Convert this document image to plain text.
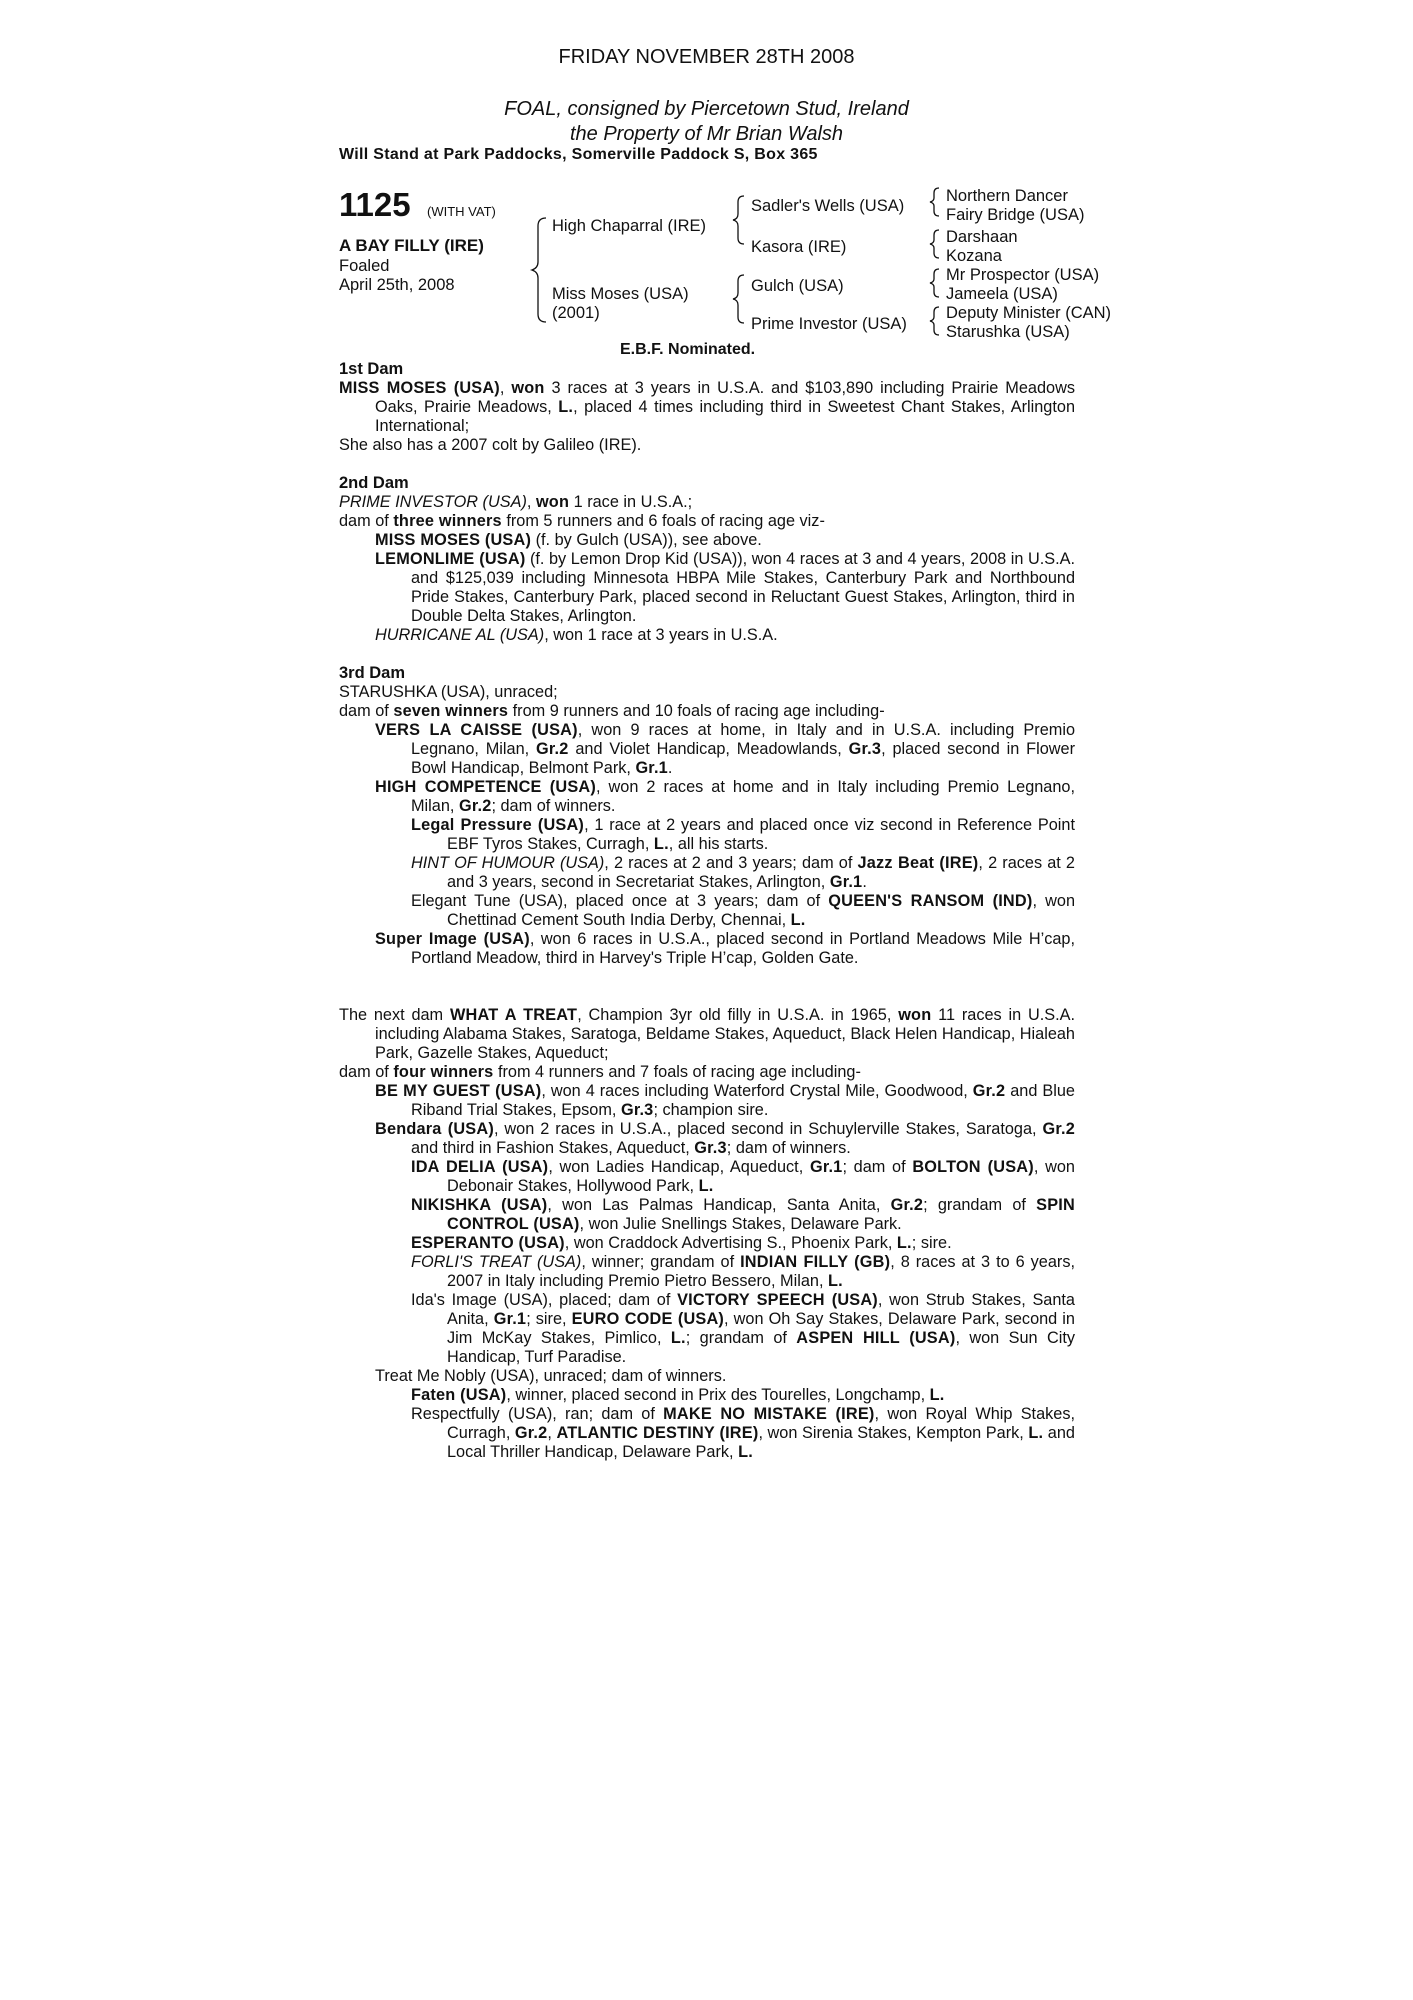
FRIDAY NOVEMBER 28TH 2008
FOAL, consigned by Piercetown Stud, Ireland
the Property of Mr Brian Walsh
Will Stand at Park Paddocks, Somerville Paddock S, Box 365
1125 (WITH VAT)
A BAY FILLY (IRE)
Foaled
April 25th, 2008
High Chaparral (IRE)
Miss Moses (USA)
(2001)
Sadler's Wells (USA)
Kasora (IRE)
Gulch (USA)
Prime Investor (USA)
Northern Dancer
Fairy Bridge (USA)
Darshaan
Kozana
Mr Prospector (USA)
Jameela (USA)
Deputy Minister (CAN)
Starushka (USA)
E.B.F. Nominated.

1st Dam

MISS MOSES (USA), won 3 races at 3 years in U.S.A. and $103,890 including Prairie Meadows Oaks, Prairie Meadows, L., placed 4 times including third in Sweetest Chant Stakes, Arlington International;

She also has a 2007 colt by Galileo (IRE).

2nd Dam

PRIME INVESTOR (USA), won 1 race in U.S.A.;

dam of three winners from 5 runners and 6 foals of racing age viz-

MISS MOSES (USA) (f. by Gulch (USA)), see above.

LEMONLIME (USA) (f. by Lemon Drop Kid (USA)), won 4 races at 3 and 4 years, 2008 in U.S.A. and $125,039 including Minnesota HBPA Mile Stakes, Canterbury Park and Northbound Pride Stakes, Canterbury Park, placed second in Reluctant Guest Stakes, Arlington, third in Double Delta Stakes, Arlington.

HURRICANE AL (USA), won 1 race at 3 years in U.S.A.

3rd Dam

STARUSHKA (USA), unraced;

dam of seven winners from 9 runners and 10 foals of racing age including-

VERS LA CAISSE (USA), won 9 races at home, in Italy and in U.S.A. including Premio Legnano, Milan, Gr.2 and Violet Handicap, Meadowlands, Gr.3, placed second in Flower Bowl Handicap, Belmont Park, Gr.1.

HIGH COMPETENCE (USA), won 2 races at home and in Italy including Premio Legnano, Milan, Gr.2; dam of winners.

Legal Pressure (USA), 1 race at 2 years and placed once viz second in Reference Point EBF Tyros Stakes, Curragh, L., all his starts.

HINT OF HUMOUR (USA), 2 races at 2 and 3 years; dam of Jazz Beat (IRE), 2 races at 2 and 3 years, second in Secretariat Stakes, Arlington, Gr.1.

Elegant Tune (USA), placed once at 3 years; dam of QUEEN'S RANSOM (IND), won Chettinad Cement South India Derby, Chennai, L.

Super Image (USA), won 6 races in U.S.A., placed second in Portland Meadows Mile H’cap, Portland Meadow, third in Harvey's Triple H’cap, Golden Gate.

The next dam WHAT A TREAT, Champion 3yr old filly in U.S.A. in 1965, won 11 races in U.S.A. including Alabama Stakes, Saratoga, Beldame Stakes, Aqueduct, Black Helen Handicap, Hialeah Park, Gazelle Stakes, Aqueduct;

dam of four winners from 4 runners and 7 foals of racing age including-

BE MY GUEST (USA), won 4 races including Waterford Crystal Mile, Goodwood, Gr.2 and Blue Riband Trial Stakes, Epsom, Gr.3; champion sire.

Bendara (USA), won 2 races in U.S.A., placed second in Schuylerville Stakes, Saratoga, Gr.2 and third in Fashion Stakes, Aqueduct, Gr.3; dam of winners.

IDA DELIA (USA), won Ladies Handicap, Aqueduct, Gr.1; dam of BOLTON (USA), won Debonair Stakes, Hollywood Park, L.

NIKISHKA (USA), won Las Palmas Handicap, Santa Anita, Gr.2; grandam of SPIN CONTROL (USA), won Julie Snellings Stakes, Delaware Park.

ESPERANTO (USA), won Craddock Advertising S., Phoenix Park, L.; sire.

FORLI'S TREAT (USA), winner; grandam of INDIAN FILLY (GB), 8 races at 3 to 6 years, 2007 in Italy including Premio Pietro Bessero, Milan, L.

Ida's Image (USA), placed; dam of VICTORY SPEECH (USA), won Strub Stakes, Santa Anita, Gr.1; sire, EURO CODE (USA), won Oh Say Stakes, Delaware Park, second in Jim McKay Stakes, Pimlico, L.; grandam of ASPEN HILL (USA), won Sun City Handicap, Turf Paradise.

Treat Me Nobly (USA), unraced; dam of winners.

Faten (USA), winner, placed second in Prix des Tourelles, Longchamp, L.

Respectfully (USA), ran; dam of MAKE NO MISTAKE (IRE), won Royal Whip Stakes, Curragh, Gr.2, ATLANTIC DESTINY (IRE), won Sirenia Stakes, Kempton Park, L. and Local Thriller Handicap, Delaware Park, L.
